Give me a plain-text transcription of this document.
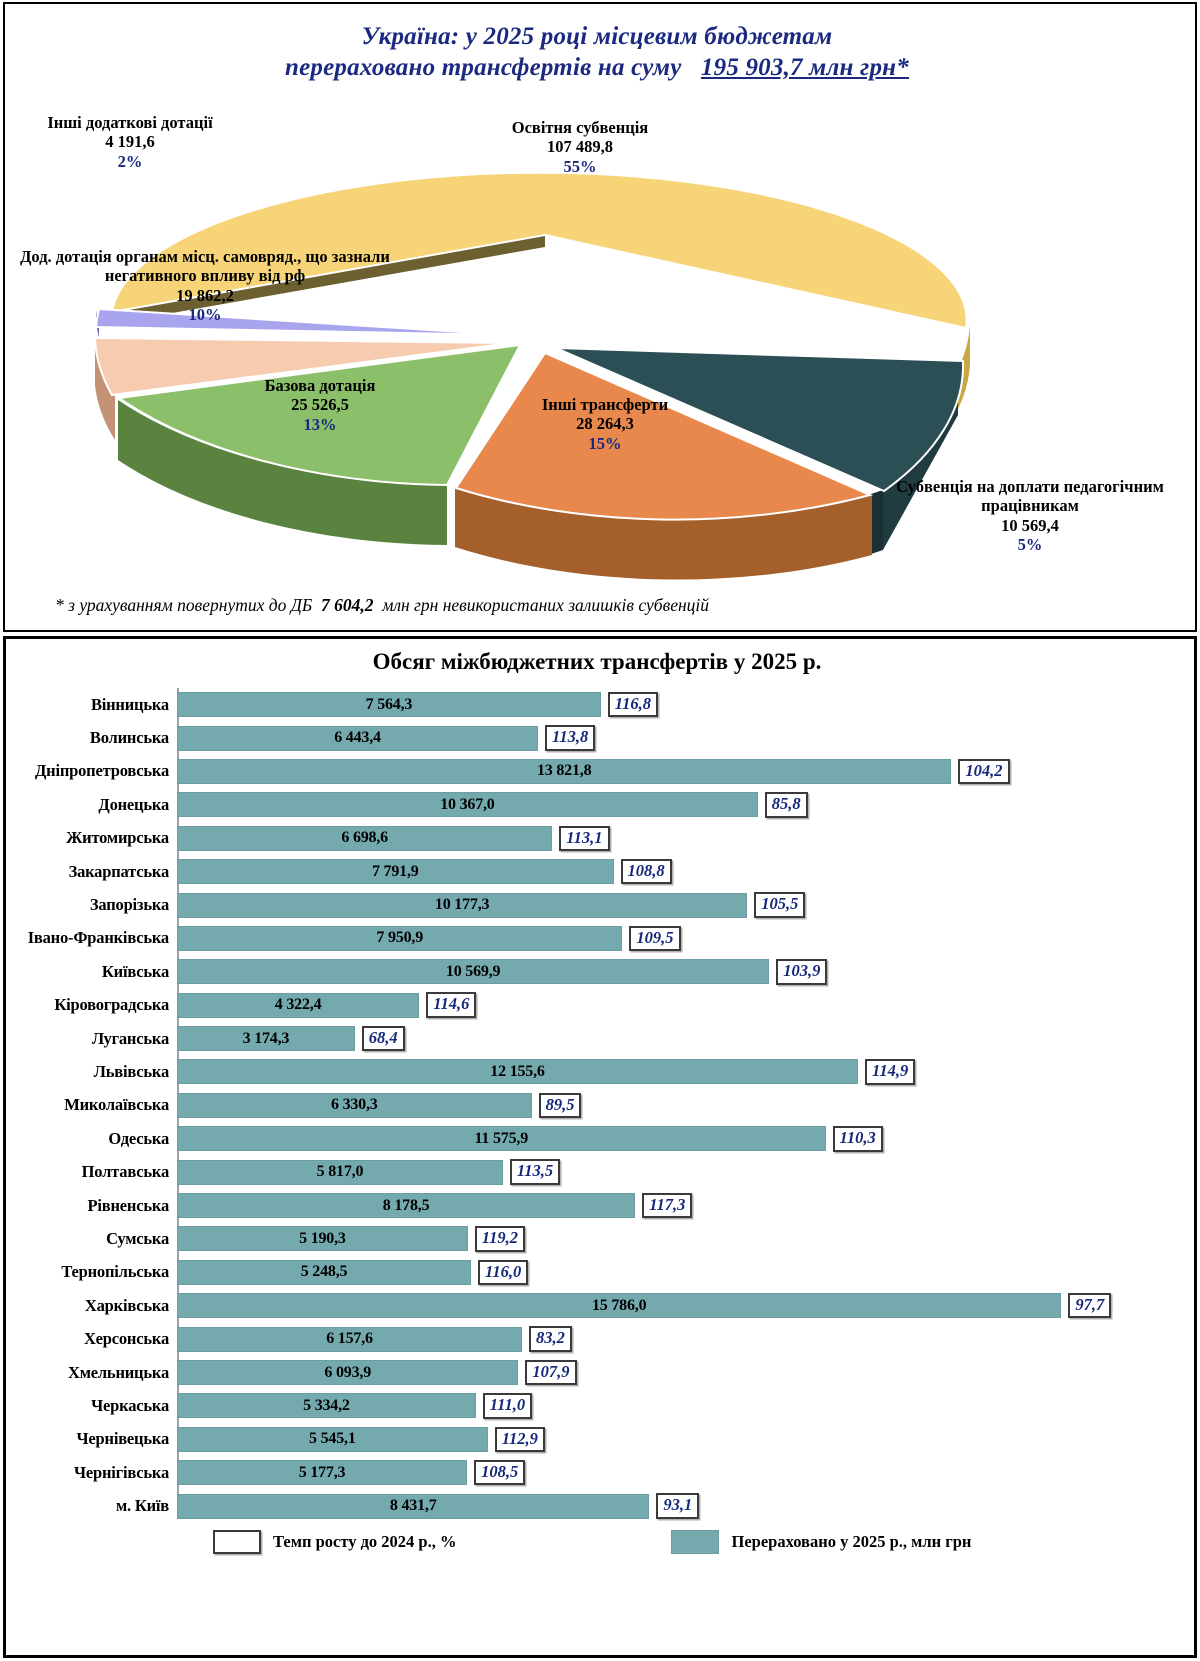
Україна: у 2025 році місцевим бюджетам
перераховано трансфертів на суму 195 903,7 млн грн*
Освітня субвенція
107 489,8
55%
Інші додаткові дотації
4 191,6
2%
Дод. дотація органам місц. самовряд., що зазнали негативного впливу від рф
19 862,2
10%
Базова дотація
25 526,5
13%
Інші трансферти
28 264,3
15%
Субвенція на доплати педагогічним працівникам
10 569,4
5%
* з урахуванням повернутих до ДБ 7 604,2 млн грн невикористаних залишків субвенцій
Обсяг міжбюджетних трансфертів у 2025 р.
Вінницька	7 564,3	116,8
Волинська	6 443,4	113,8
Дніпропетровська	13 821,8	104,2
Донецька	10 367,0	85,8
Житомирська	6 698,6	113,1
Закарпатська	7 791,9	108,8
Запорізька	10 177,3	105,5
Івано-Франківська	7 950,9	109,5
Київська	10 569,9	103,9
Кіровоградська	4 322,4	114,6
Луганська	3 174,3	68,4
Львівська	12 155,6	114,9
Миколаївська	6 330,3	89,5
Одеська	11 575,9	110,3
Полтавська	5 817,0	113,5
Рівненська	8 178,5	117,3
Сумська	5 190,3	119,2
Тернопільська	5 248,5	116,0
Харківська	15 786,0	97,7
Херсонська	6 157,6	83,2
Хмельницька	6 093,9	107,9
Черкаська	5 334,2	111,0
Чернівецька	5 545,1	112,9
Чернігівська	5 177,3	108,5
м. Київ	8 431,7	93,1
Темп росту до 2024 р., %	Перераховано у 2025 р., млн грн
